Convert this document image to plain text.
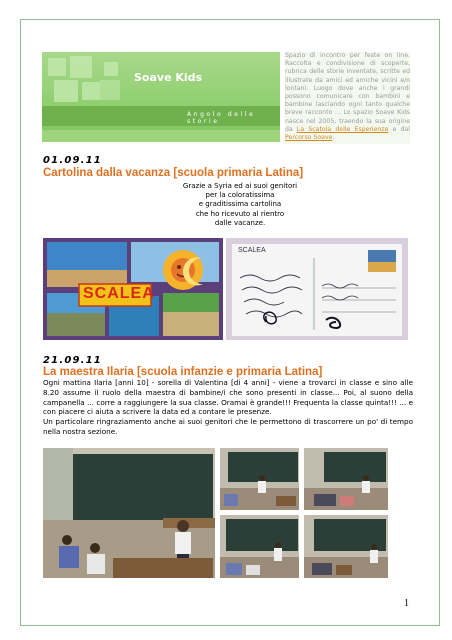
Soave Kids
Angolo delle storie
Spazio di incontro per feste on line. Raccolta e condivisione di scoperte, rubrica delle storie inventate, scritte ed illustrate da amici ed amiche vicini e/o lontani. Luogo dove anche i grandi possono comunicare con bambini e bambine lasciando ogni tanto qualche breve racconto ... Lo spazio Soave Kids nasce nel 2005, traendo la sua origine da La Scatola delle Esperienze e dal Percorso Soave.
01.09.11
Cartolina dalla vacanza [scuola primaria Latina]
Grazie a Syria ed ai suoi genitori
per la coloratissima
e graditissima cartolina
che ho ricevuto al rientro
dalle vacanze.
SCALEA
SCALEA
21.09.11
La maestra Ilaria [scuola infanzie e primaria Latina]
Ogni mattina Ilaria [anni 10] - sorella di Valentina [di 4 anni] - viene a trovarci in classe e sino alle 8.20 assume il ruolo della maestra di bambine/i che sono presenti in classe... Poi, al suono della campanella ... corre a raggiungere la sua classe. Oramai è grande!!! Frequenta la classe quinta!!! ... e con piacere ci aiuta a scrivere la data ed a contare le presenze.
Un particolare ringraziamento anche ai suoi genitori che le permettono di trascorrere un po' di tempo nella nostra sezione.
1
